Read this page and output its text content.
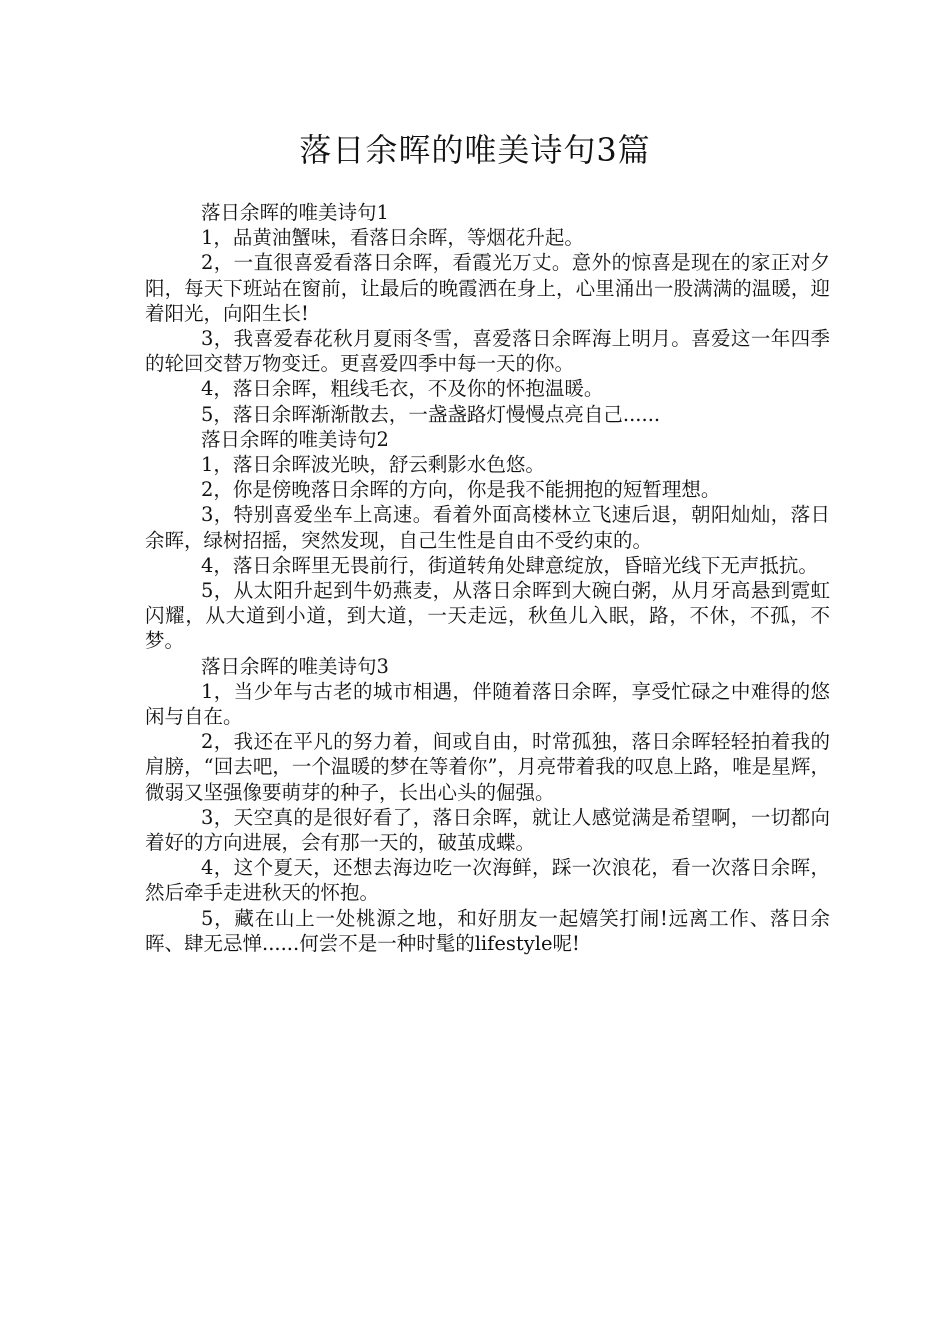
落日余晖的唯美诗句3篇

落日余晖的唯美诗句1

1，品黄油蟹味，看落日余晖，等烟花升起。

2，一直很喜爱看落日余晖，看霞光万丈。意外的惊喜是现在的家正对夕阳，每天下班站在窗前，让最后的晚霞洒在身上，心里涌出一股满满的温暖，迎着阳光，向阳生长!

3，我喜爱春花秋月夏雨冬雪，喜爱落日余晖海上明月。喜爱这一年四季的轮回交替万物变迁。更喜爱四季中每一天的你。

4，落日余晖，粗线毛衣，不及你的怀抱温暖。

5，落日余晖渐渐散去，一盏盏路灯慢慢点亮自己......

落日余晖的唯美诗句2

1，落日余晖波光映，舒云剩影水色悠。

2，你是傍晚落日余晖的方向，你是我不能拥抱的短暂理想。

3，特别喜爱坐车上高速。看着外面高楼林立飞速后退，朝阳灿灿，落日余晖，绿树招摇，突然发现，自己生性是自由不受约束的。

4，落日余晖里无畏前行，街道转角处肆意绽放，昏暗光线下无声抵抗。

5，从太阳升起到牛奶燕麦，从落日余晖到大碗白粥，从月牙高悬到霓虹闪耀，从大道到小道，到大道，一天走远，秋鱼儿入眠，路，不休，不孤，不梦。

落日余晖的唯美诗句3

1，当少年与古老的城市相遇，伴随着落日余晖，享受忙碌之中难得的悠闲与自在。

2，我还在平凡的努力着，间或自由，时常孤独，落日余晖轻轻拍着我的肩膀，“回去吧，一个温暖的梦在等着你”，月亮带着我的叹息上路，唯是星辉，微弱又坚强像要萌芽的种子，长出心头的倔强。

3，天空真的是很好看了，落日余晖，就让人感觉满是希望啊，一切都向着好的方向进展，会有那一天的，破茧成蝶。

4，这个夏天，还想去海边吃一次海鲜，踩一次浪花，看一次落日余晖，然后牵手走进秋天的怀抱。

5，藏在山上一处桃源之地，和好朋友一起嬉笑打闹!远离工作、落日余晖、肆无忌惮......何尝不是一种时髦的lifestyle呢!
